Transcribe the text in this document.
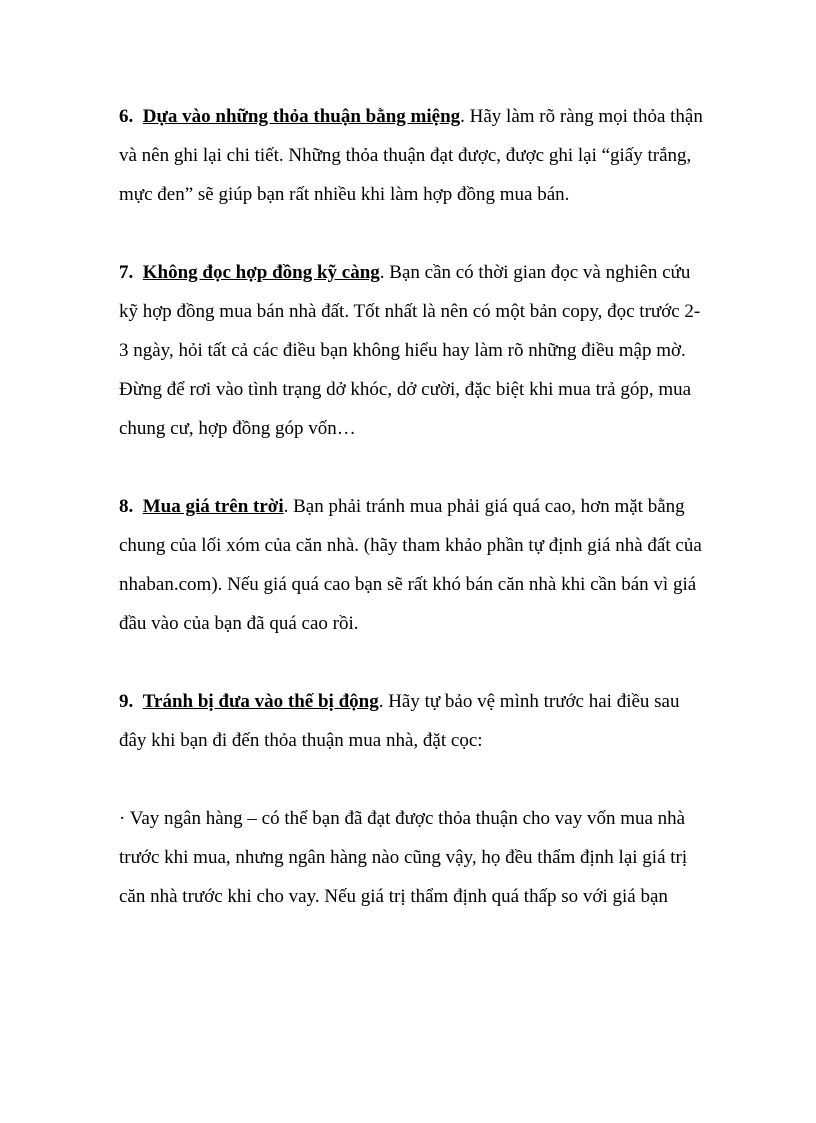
6. Dựa vào những thỏa thuận bằng miệng. Hãy làm rõ ràng mọi thỏa thận và nên ghi lại chi tiết. Những thỏa thuận đạt được, được ghi lại “giấy trắng, mực đen” sẽ giúp bạn rất nhiều khi làm hợp đồng mua bán.

7. Không đọc hợp đồng kỹ càng. Bạn cần có thời gian đọc và nghiên cứu kỹ hợp đồng mua bán nhà đất. Tốt nhất là nên có một bản copy, đọc trước 2-3 ngày, hỏi tất cả các điều bạn không hiểu hay làm rõ những điều mập mờ. Đừng để rơi vào tình trạng dở khóc, dở cười, đặc biệt khi mua trả góp, mua chung cư, hợp đồng góp vốn…

8. Mua giá trên trời. Bạn phải tránh mua phải giá quá cao, hơn mặt bằng chung của lối xóm của căn nhà. (hãy tham khảo phần tự định giá nhà đất của nhaban.com). Nếu giá quá cao bạn sẽ rất khó bán căn nhà khi cần bán vì giá đầu vào của bạn đã quá cao rồi.

9. Tránh bị đưa vào thế bị động. Hãy tự bảo vệ mình trước hai điều sau đây khi bạn đi đến thỏa thuận mua nhà, đặt cọc:

· Vay ngân hàng – có thể bạn đã đạt được thỏa thuận cho vay vốn mua nhà trước khi mua, nhưng ngân hàng nào cũng vậy, họ đều thẩm định lại giá trị căn nhà trước khi cho vay. Nếu giá trị thẩm định quá thấp so với giá bạn
